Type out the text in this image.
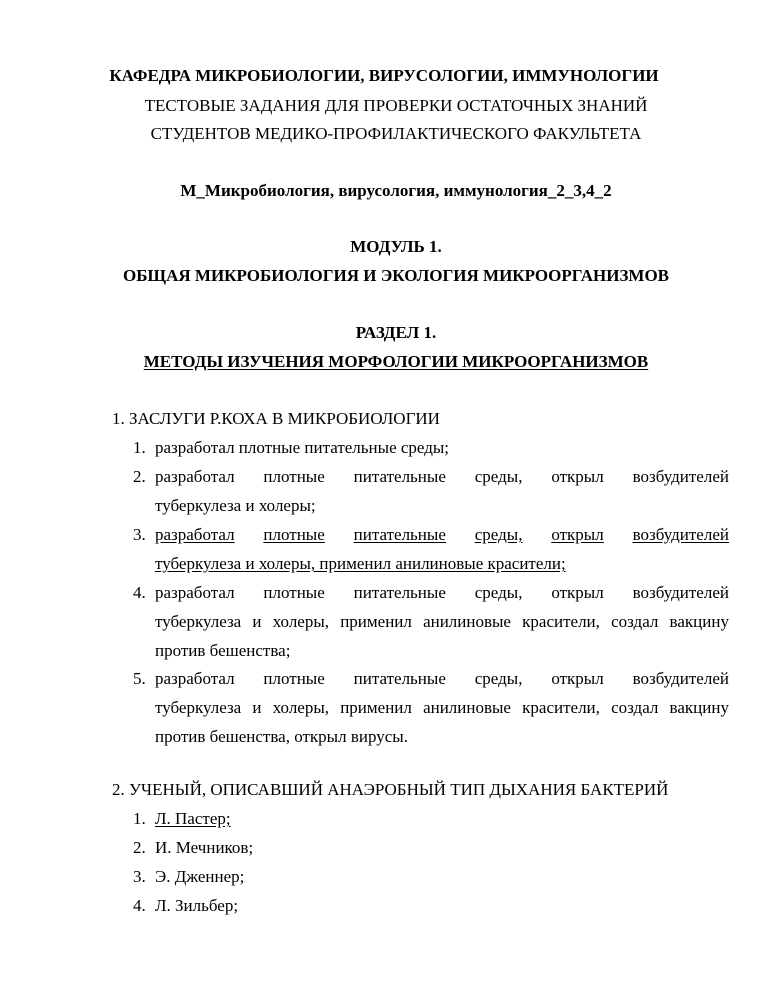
КАФЕДРА МИКРОБИОЛОГИИ, ВИРУСОЛОГИИ, ИММУНОЛОГИИ
ТЕСТОВЫЕ ЗАДАНИЯ ДЛЯ ПРОВЕРКИ ОСТАТОЧНЫХ ЗНАНИЙ
СТУДЕНТОВ МЕДИКО-ПРОФИЛАКТИЧЕСКОГО ФАКУЛЬТЕТА
М_Микробиология, вирусология, иммунология_2_3,4_2
МОДУЛЬ 1.
ОБЩАЯ МИКРОБИОЛОГИЯ И ЭКОЛОГИЯ МИКРООРГАНИЗМОВ
РАЗДЕЛ 1.
МЕТОДЫ ИЗУЧЕНИЯ МОРФОЛОГИИ МИКРООРГАНИЗМОВ
1. ЗАСЛУГИ Р.КОХА В МИКРОБИОЛОГИИ
1. разработал плотные питательные среды;
2. разработал плотные питательные среды, открыл возбудителей
туберкулеза и холеры;
3. разработал плотные питательные среды, открыл возбудителей
туберкулеза и холеры, применил анилиновые красители;
4. разработал плотные питательные среды, открыл возбудителей
туберкулеза и холеры, применил анилиновые красители, создал вакцину
против бешенства;
5. разработал плотные питательные среды, открыл возбудителей
туберкулеза и холеры, применил анилиновые красители, создал вакцину
против бешенства, открыл вирусы.
2. УЧЕНЫЙ, ОПИСАВШИЙ АНАЭРОБНЫЙ ТИП ДЫХАНИЯ БАКТЕРИЙ
1. Л. Пастер;
2. И. Мечников;
3. Э. Дженнер;
4. Л. Зильбер;
